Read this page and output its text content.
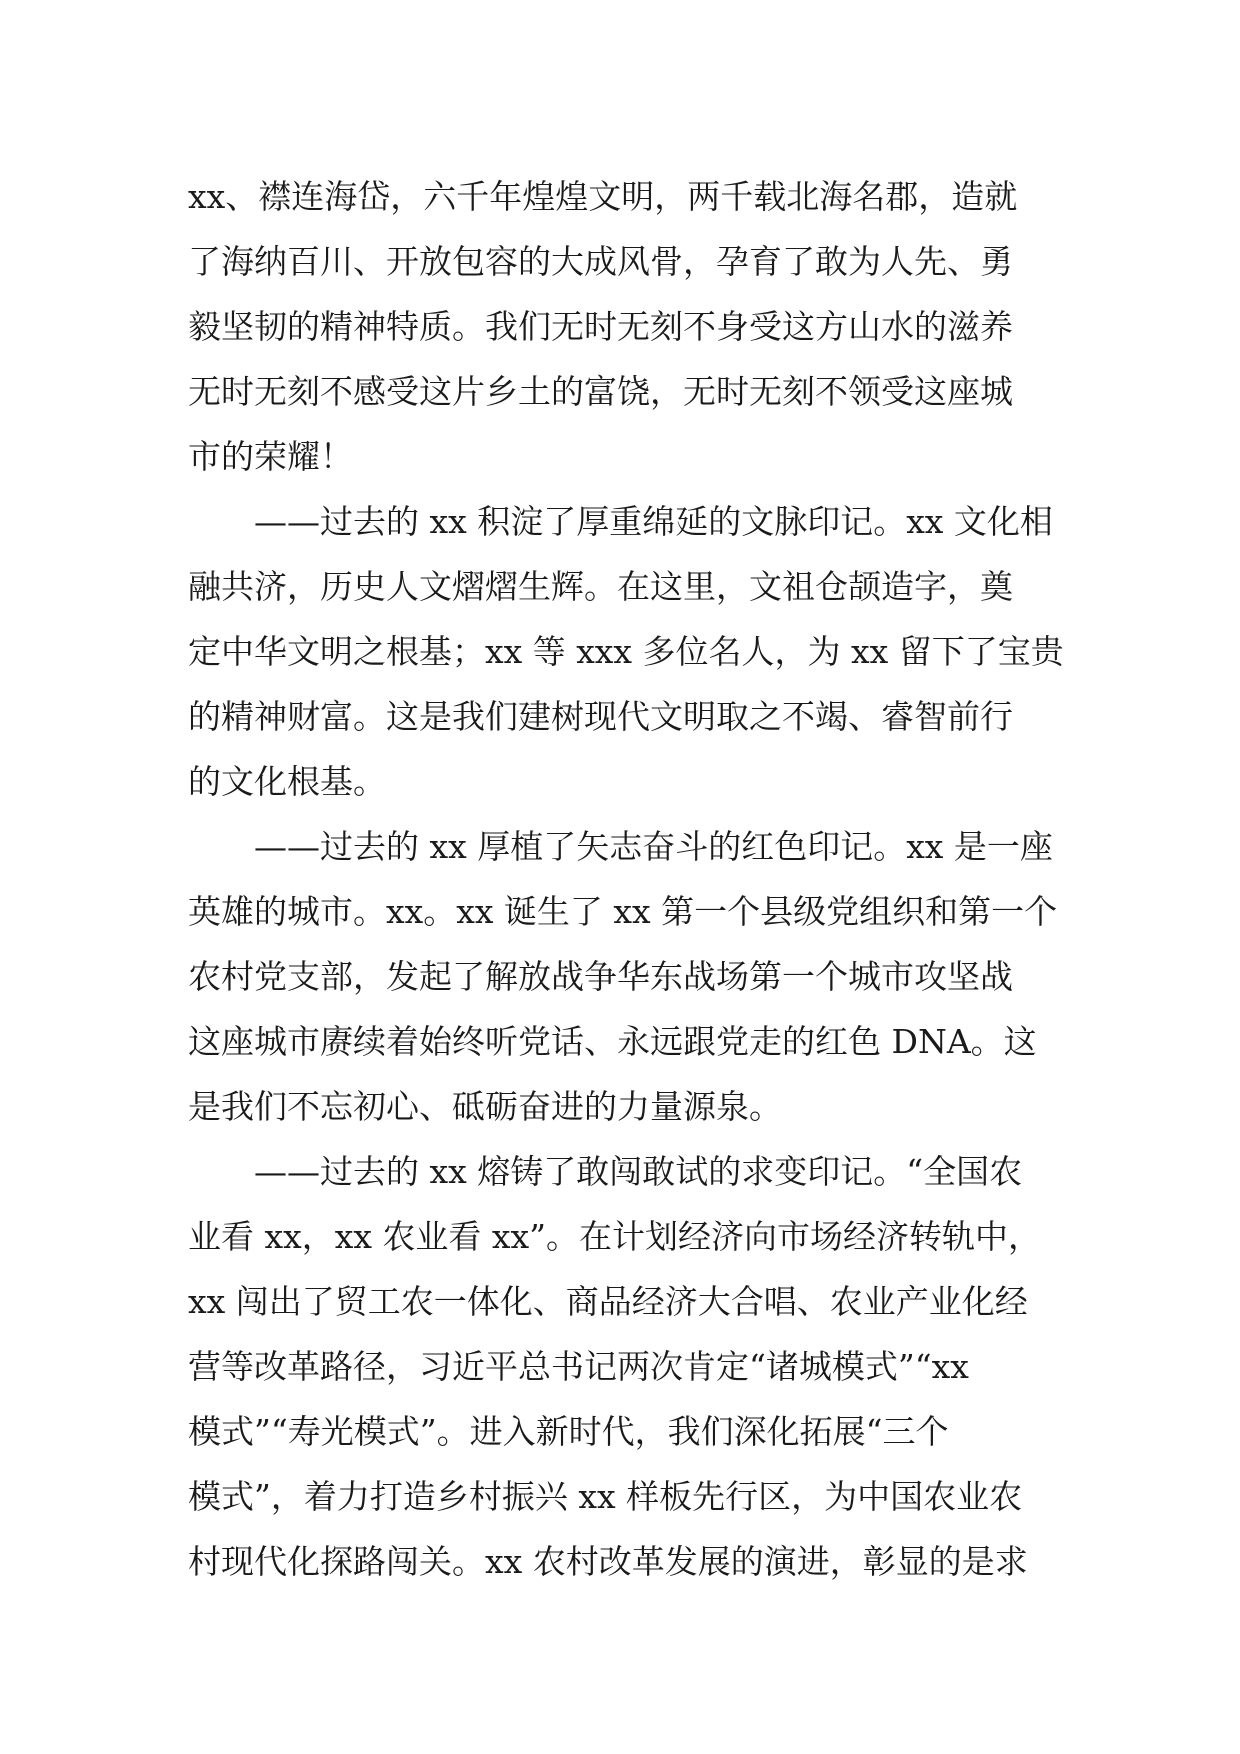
xx、襟连海岱，六千年煌煌文明，两千载北海名郡，造就
了海纳百川、开放包容的大成风骨，孕育了敢为人先、勇
毅坚韧的精神特质。我们无时无刻不身受这方山水的滋养
无时无刻不感受这片乡土的富饶，无时无刻不领受这座城
市的荣耀！
——过去的 xx 积淀了厚重绵延的文脉印记。xx 文化相
融共济，历史人文熠熠生辉。在这里，文祖仓颉造字，奠
定中华文明之根基；xx 等 xxx 多位名人，为 xx 留下了宝贵
的精神财富。这是我们建树现代文明取之不竭、睿智前行
的文化根基。
——过去的 xx 厚植了矢志奋斗的红色印记。xx 是一座
英雄的城市。xx。xx 诞生了 xx 第一个县级党组织和第一个
农村党支部，发起了解放战争华东战场第一个城市攻坚战
这座城市赓续着始终听党话、永远跟党走的红色 DNA。这
是我们不忘初心、砥砺奋进的力量源泉。
——过去的 xx 熔铸了敢闯敢试的求变印记。“全国农
业看 xx，xx 农业看 xx”。在计划经济向市场经济转轨中，
xx 闯出了贸工农一体化、商品经济大合唱、农业产业化经
营等改革路径，习近平总书记两次肯定“诸城模式”“xx
模式”“寿光模式”。进入新时代，我们深化拓展“三个
模式”，着力打造乡村振兴 xx 样板先行区，为中国农业农
村现代化探路闯关。xx 农村改革发展的演进，彰显的是求
